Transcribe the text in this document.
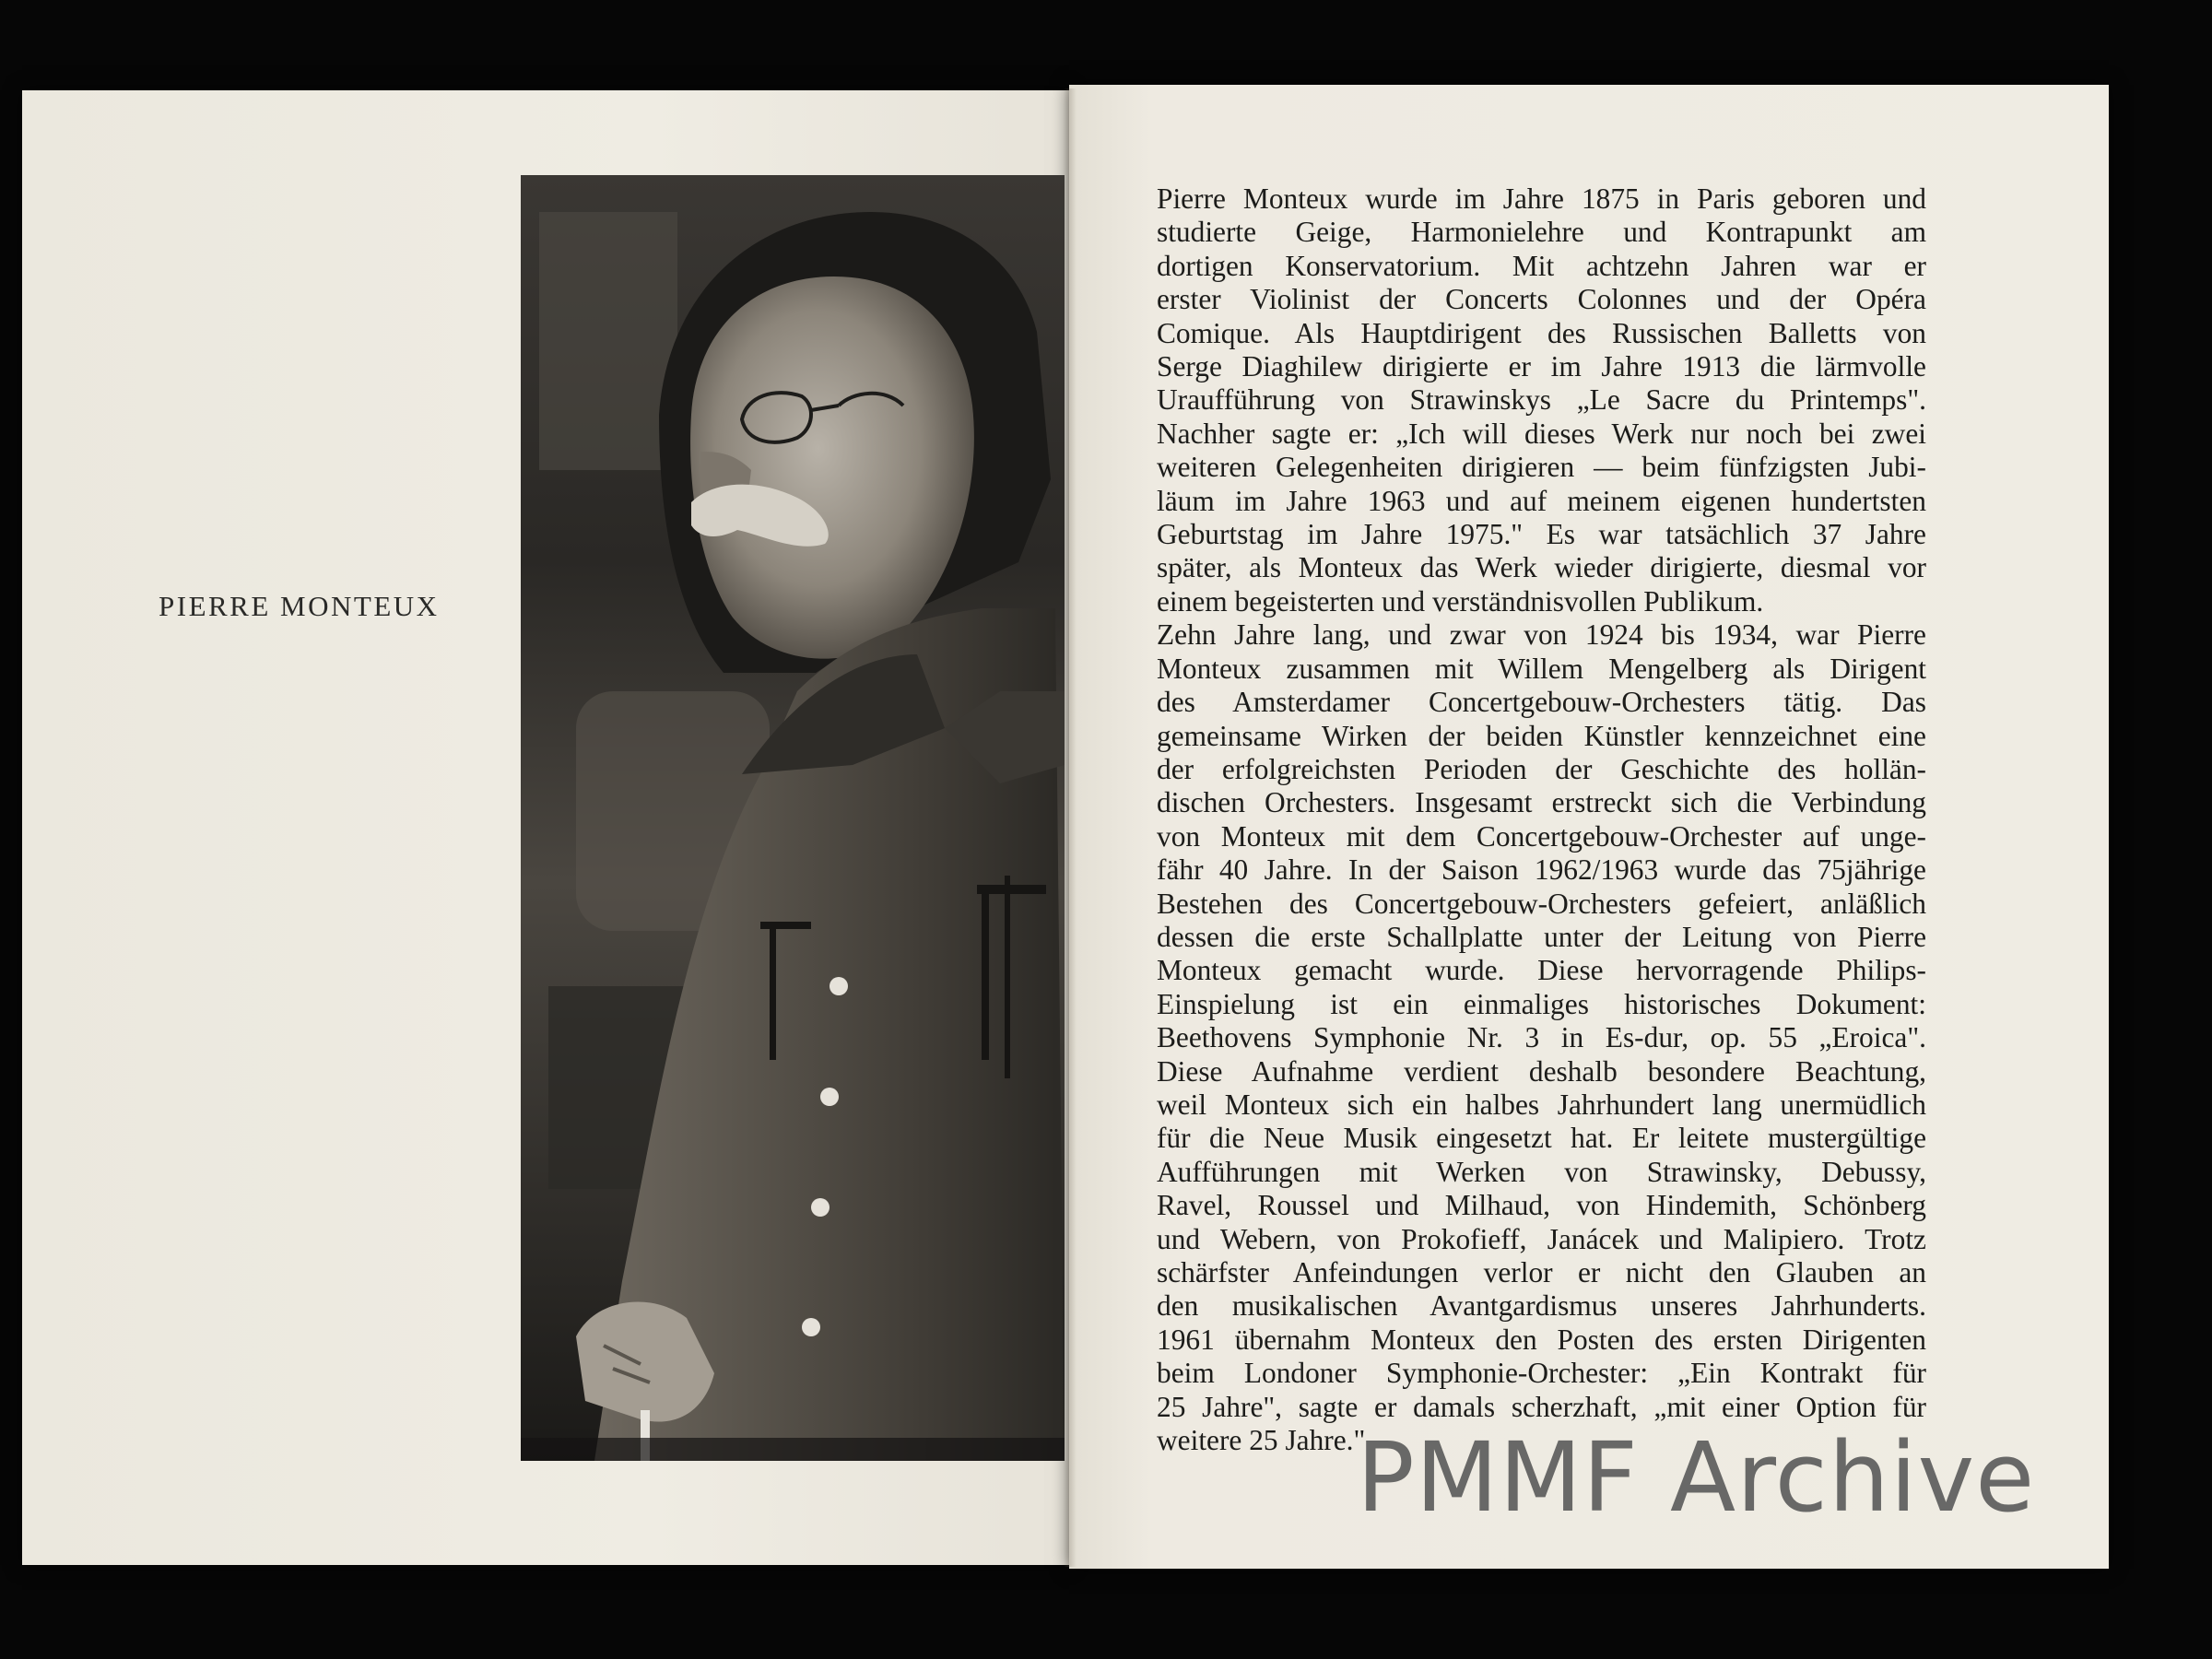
PIERRE MONTEUX
Pierre Monteux wurde im Jahre 1875 in Paris geboren und
studierte Geige, Harmonielehre und Kontrapunkt am
dortigen Konservatorium. Mit achtzehn Jahren war er
erster Violinist der Concerts Colonnes und der Opéra
Comique. Als Hauptdirigent des Russischen Balletts von
Serge Diaghilew dirigierte er im Jahre 1913 die lärmvolle
Uraufführung von Strawinskys „Le Sacre du Printemps".
Nachher sagte er: „Ich will dieses Werk nur noch bei zwei
weiteren Gelegenheiten dirigieren — beim fünfzigsten Jubi-
läum im Jahre 1963 und auf meinem eigenen hundertsten
Geburtstag im Jahre 1975." Es war tatsächlich 37 Jahre
später, als Monteux das Werk wieder dirigierte, diesmal vor
einem begeisterten und verständnisvollen Publikum.
Zehn Jahre lang, und zwar von 1924 bis 1934, war Pierre
Monteux zusammen mit Willem Mengelberg als Dirigent
des Amsterdamer Concertgebouw-Orchesters tätig. Das
gemeinsame Wirken der beiden Künstler kennzeichnet eine
der erfolgreichsten Perioden der Geschichte des hollän-
dischen Orchesters. Insgesamt erstreckt sich die Verbindung
von Monteux mit dem Concertgebouw-Orchester auf unge-
fähr 40 Jahre. In der Saison 1962/1963 wurde das 75jährige
Bestehen des Concertgebouw-Orchesters gefeiert, anläßlich
dessen die erste Schallplatte unter der Leitung von Pierre
Monteux gemacht wurde. Diese hervorragende Philips-
Einspielung ist ein einmaliges historisches Dokument:
Beethovens Symphonie Nr. 3 in Es-dur, op. 55 „Eroica".
Diese Aufnahme verdient deshalb besondere Beachtung,
weil Monteux sich ein halbes Jahrhundert lang unermüdlich
für die Neue Musik eingesetzt hat. Er leitete mustergültige
Aufführungen mit Werken von Strawinsky, Debussy,
Ravel, Roussel und Milhaud, von Hindemith, Schönberg
und Webern, von Prokofieff, Janácek und Malipiero. Trotz
schärfster Anfeindungen verlor er nicht den Glauben an
den musikalischen Avantgardismus unseres Jahrhunderts.
1961 übernahm Monteux den Posten des ersten Dirigenten
beim Londoner Symphonie-Orchester: „Ein Kontrakt für
25 Jahre", sagte er damals scherzhaft, „mit einer Option für
weitere 25 Jahre."
PMMF Archive
